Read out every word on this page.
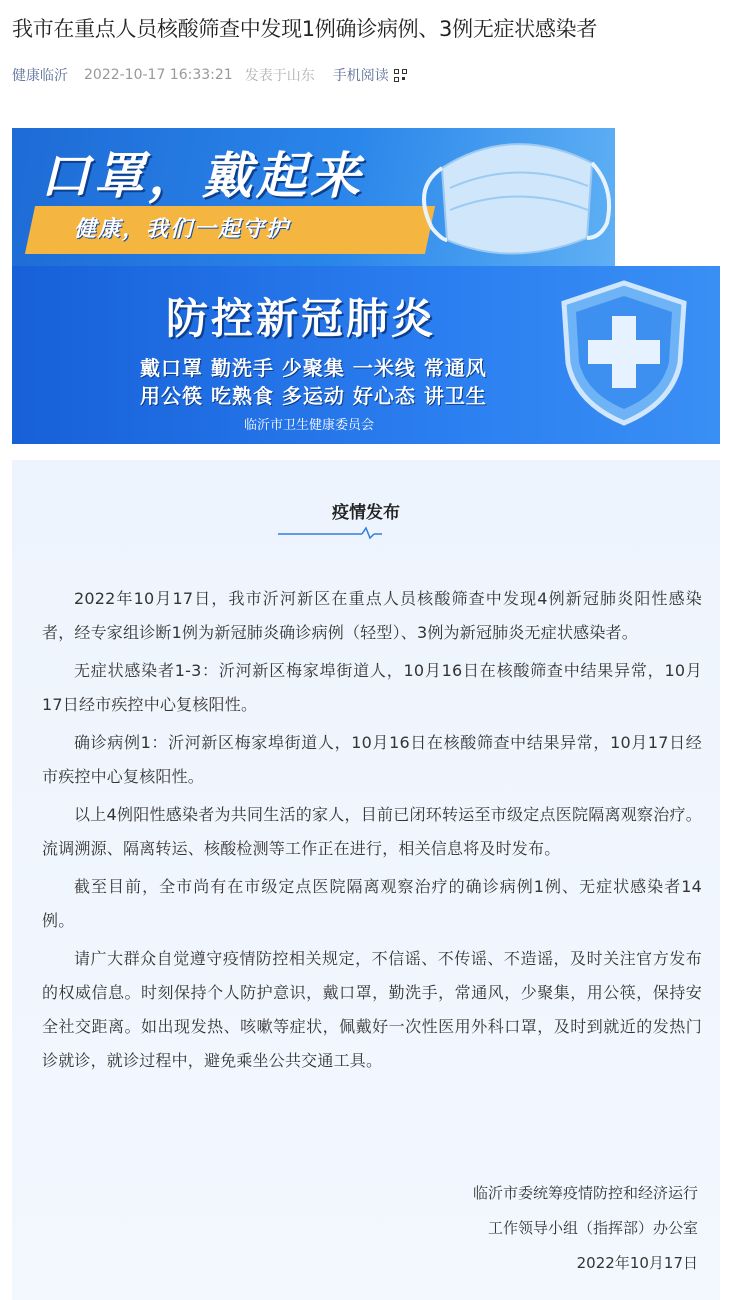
我市在重点人员核酸筛查中发现1例确诊病例、3例无症状感染者
健康临沂 2022-10-17 16:33:21 发表于山东 手机阅读
口罩，戴起来
健康，我们一起守护
防控新冠肺炎
戴口罩 勤洗手 少聚集 一米线 常通风
用公筷 吃熟食 多运动 好心态 讲卫生
临沂市卫生健康委员会
疫情发布

2022年10月17日，我市沂河新区在重点人员核酸筛查中发现4例新冠肺炎阳性感染者，经专家组诊断1例为新冠肺炎确诊病例（轻型）、3例为新冠肺炎无症状感染者。

无症状感染者1-3：沂河新区梅家埠街道人，10月16日在核酸筛查中结果异常，10月17日经市疾控中心复核阳性。

确诊病例1：沂河新区梅家埠街道人，10月16日在核酸筛查中结果异常，10月17日经市疾控中心复核阳性。

以上4例阳性感染者为共同生活的家人，目前已闭环转运至市级定点医院隔离观察治疗。流调溯源、隔离转运、核酸检测等工作正在进行，相关信息将及时发布。

截至目前，全市尚有在市级定点医院隔离观察治疗的确诊病例1例、无症状感染者14例。

请广大群众自觉遵守疫情防控相关规定，不信谣、不传谣、不造谣，及时关注官方发布的权威信息。时刻保持个人防护意识，戴口罩，勤洗手，常通风，少聚集，用公筷，保持安全社交距离。如出现发热、咳嗽等症状，佩戴好一次性医用外科口罩，及时到就近的发热门诊就诊，就诊过程中，避免乘坐公共交通工具。

临沂市委统筹疫情防控和经济运行
工作领导小组（指挥部）办公室
2022年10月17日
